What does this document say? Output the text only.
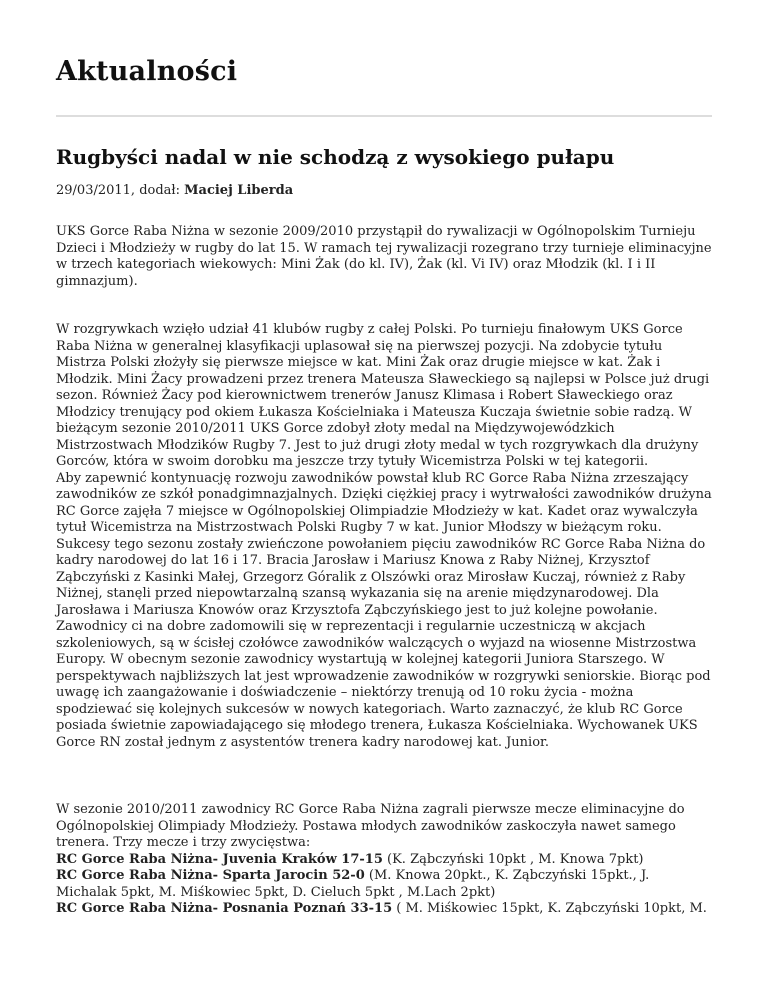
Aktualności
Rugbyści nadal w nie schodzą z wysokiego pułapu
29/03/2011, dodał: Maciej Liberda

UKS Gorce Raba Niżna w sezonie 2009/2010 przystąpił do rywalizacji w Ogólnopolskim Turnieju Dzieci i Młodzieży w rugby do lat 15. W ramach tej rywalizacji rozegrano trzy turnieje eliminacyjne w trzech kategoriach wiekowych: Mini Żak (do kl. IV), Żak (kl. Vi IV) oraz Młodzik (kl. I i II gimnazjum).

W rozgrywkach wzięło udział 41 klubów rugby z całej Polski. Po turnieju finałowym UKS Gorce Raba Niżna w generalnej klasyfikacji uplasował się na pierwszej pozycji. Na zdobycie tytułu Mistrza Polski złożyły się pierwsze miejsce w kat. Mini Żak oraz drugie miejsce w kat. Żak i Młodzik. Mini Żacy prowadzeni przez trenera Mateusza Sławeckiego są najlepsi w Polsce już drugi sezon. Również Żacy pod kierownictwem trenerów Janusz Klimasa i Robert Sławeckiego oraz Młodzicy trenujący pod okiem Łukasza Kościelniaka i Mateusza Kuczaja świetnie sobie radzą. W bieżącym sezonie 2010/2011 UKS Gorce zdobył złoty medal na Międzywojewódzkich Mistrzostwach Młodzików Rugby 7. Jest to już drugi złoty medal w tych rozgrywkach dla drużyny Gorców, która w swoim dorobku ma jeszcze trzy tytuły Wicemistrza Polski w tej kategorii.

Aby zapewnić kontynuację rozwoju zawodników powstał klub RC Gorce Raba Niżna zrzeszający zawodników ze szkół ponadgimnazjalnych. Dzięki ciężkiej pracy i wytrwałości zawodników drużyna RC Gorce zajęła 7 miejsce w Ogólnopolskiej Olimpiadzie Młodzieży w kat. Kadet oraz wywalczyła tytuł Wicemistrza na Mistrzostwach Polski Rugby 7 w kat. Junior Młodszy w bieżącym roku. Sukcesy tego sezonu zostały zwieńczone powołaniem pięciu zawodników RC Gorce Raba Niżna do kadry narodowej do lat 16 i 17. Bracia Jarosław i Mariusz Knowa z Raby Niżnej, Krzysztof Ząbczyński z Kasinki Małej, Grzegorz Góralik z Olszówki oraz Mirosław Kuczaj, również z Raby Niżnej, stanęli przed niepowtarzalną szansą wykazania się na arenie międzynarodowej. Dla Jarosława i Mariusza Knowów oraz Krzysztofa Ząbczyńskiego jest to już kolejne powołanie. Zawodnicy ci na dobre zadomowili się w reprezentacji i regularnie uczestniczą w akcjach szkoleniowych, są w ścisłej czołówce zawodników walczących o wyjazd na wiosenne Mistrzostwa Europy. W obecnym sezonie zawodnicy wystartują w kolejnej kategorii Juniora Starszego. W perspektywach najbliższych lat jest wprowadzenie zawodników w rozgrywki seniorskie. Biorąc pod uwagę ich zaangażowanie i doświadczenie – niektórzy trenują od 10 roku życia - można spodziewać się kolejnych sukcesów w nowych kategoriach. Warto zaznaczyć, że klub RC Gorce posiada świetnie zapowiadającego się młodego trenera, Łukasza Kościelniaka. Wychowanek UKS Gorce RN został jednym z asystentów trenera kadry narodowej kat. Junior.

W sezonie 2010/2011 zawodnicy RC Gorce Raba Niżna zagrali pierwsze mecze eliminacyjne do Ogólnopolskiej Olimpiady Młodzieży. Postawa młodych zawodników zaskoczyła nawet samego trenera. Trzy mecze i trzy zwycięstwa:

RC Gorce Raba Niżna- Juvenia Kraków 17-15 (K. Ząbczyński 10pkt , M. Knowa 7pkt)

RC Gorce Raba Niżna- Sparta Jarocin 52-0 (M. Knowa 20pkt., K. Ząbczyński 15pkt., J. Michalak 5pkt, M. Miśkowiec 5pkt, D. Cieluch 5pkt , M.Lach 2pkt)

RC Gorce Raba Niżna- Posnania Poznań 33-15 ( M. Miśkowiec 15pkt, K. Ząbczyński 10pkt, M.
